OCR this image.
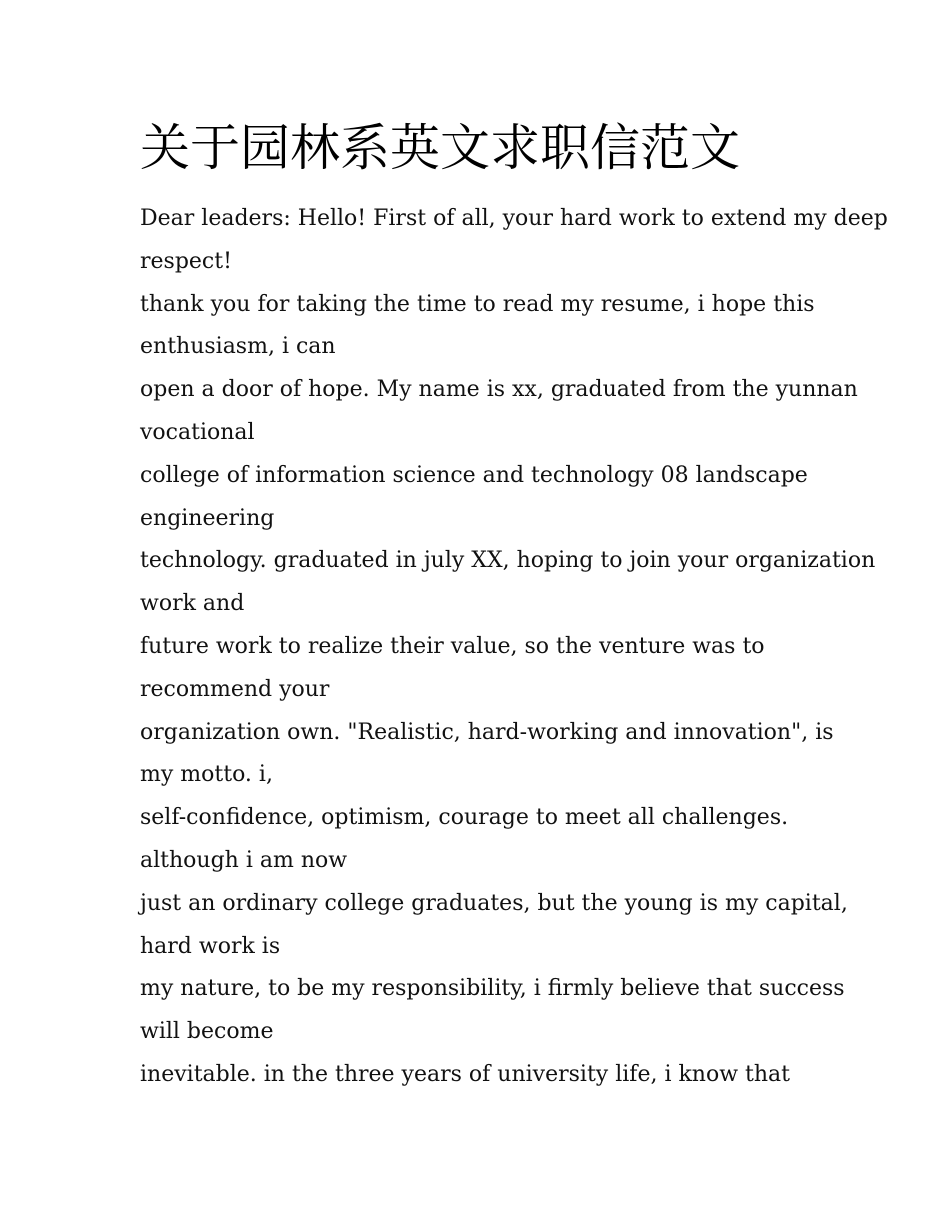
关于园林系英文求职信范文
Dear leaders: Hello! First of all, your hard work to extend my deep
respect!
thank you for taking the time to read my resume, i hope this
enthusiasm, i can
open a door of hope. My name is xx, graduated from the yunnan
vocational
college of information science and technology 08 landscape
engineering
technology. graduated in july XX, hoping to join your organization
work and
future work to realize their value, so the venture was to
recommend your
organization own. "Realistic, hard-working and innovation", is
my motto. i,
self-confidence, optimism, courage to meet all challenges.
although i am now
just an ordinary college graduates, but the young is my capital,
hard work is
my nature, to be my responsibility, i firmly believe that success
will become
inevitable. in the three years of university life, i know that
